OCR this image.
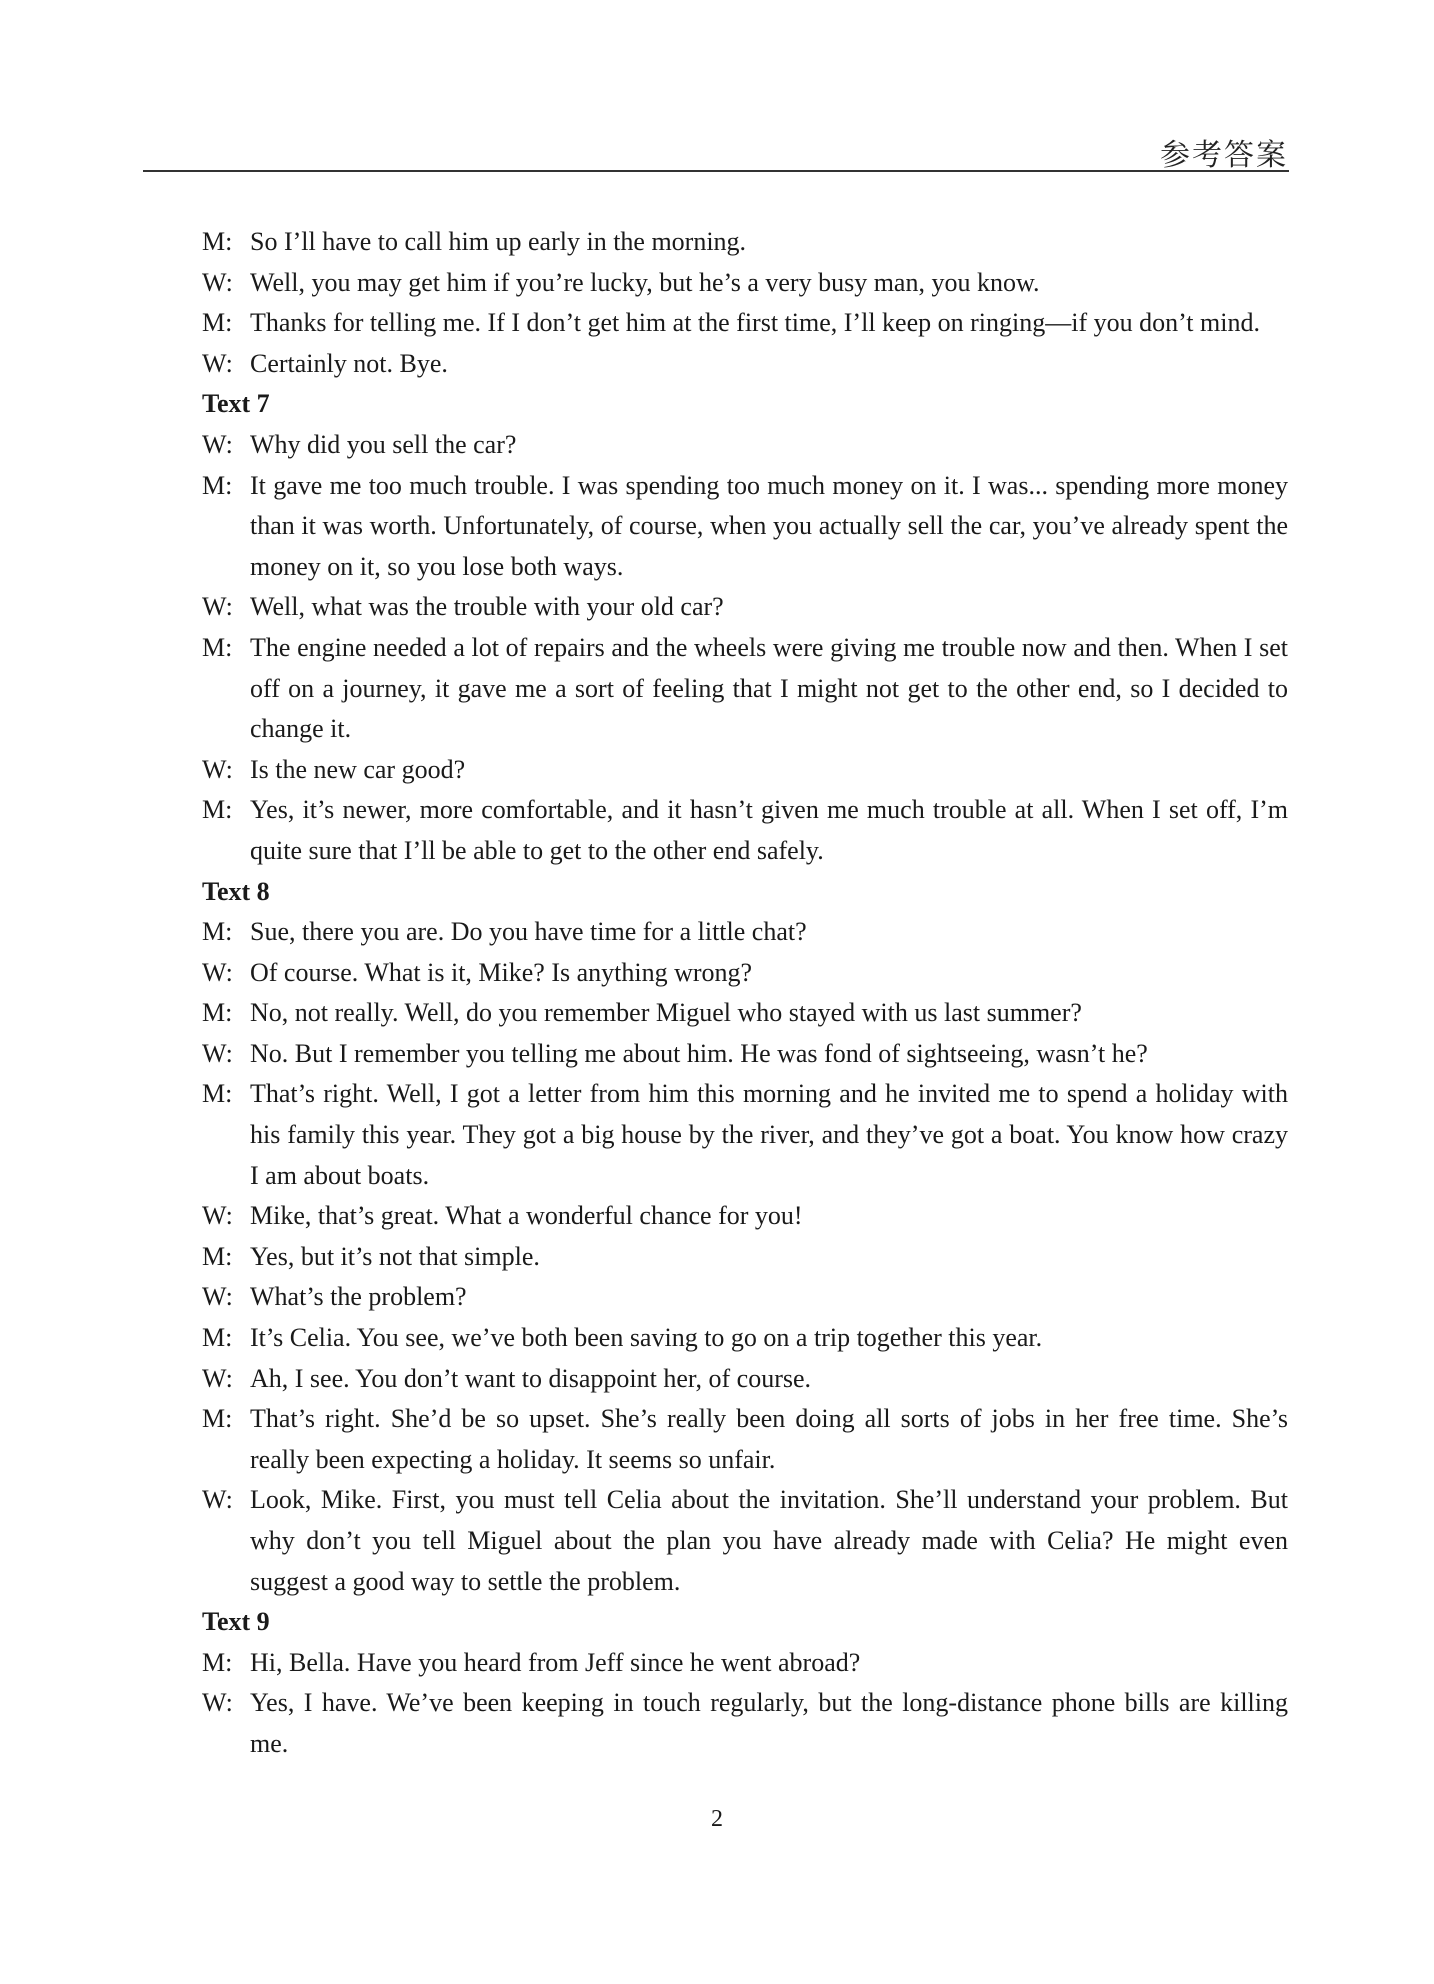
参考答案
M: So I’ll have to call him up early in the morning.
W: Well, you may get him if you’re lucky, but he’s a very busy man, you know.
M: Thanks for telling me. If I don’t get him at the first time, I’ll keep on ringing—if you don’t mind.
W: Certainly not. Bye.
Text 7
W: Why did you sell the car?
M: It gave me too much trouble. I was spending too much money on it. I was... spending more money than it was worth. Unfortunately, of course, when you actually sell the car, you’ve already spent the money on it, so you lose both ways.
W: Well, what was the trouble with your old car?
M: The engine needed a lot of repairs and the wheels were giving me trouble now and then. When I set off on a journey, it gave me a sort of feeling that I might not get to the other end, so I decided to change it.
W: Is the new car good?
M: Yes, it’s newer, more comfortable, and it hasn’t given me much trouble at all. When I set off, I’m quite sure that I’ll be able to get to the other end safely.
Text 8
M: Sue, there you are. Do you have time for a little chat?
W: Of course. What is it, Mike? Is anything wrong?
M: No, not really. Well, do you remember Miguel who stayed with us last summer?
W: No. But I remember you telling me about him. He was fond of sightseeing, wasn’t he?
M: That’s right. Well, I got a letter from him this morning and he invited me to spend a holiday with his family this year. They got a big house by the river, and they’ve got a boat. You know how crazy I am about boats.
W: Mike, that’s great. What a wonderful chance for you!
M: Yes, but it’s not that simple.
W: What’s the problem?
M: It’s Celia. You see, we’ve both been saving to go on a trip together this year.
W: Ah, I see. You don’t want to disappoint her, of course.
M: That’s right. She’d be so upset. She’s really been doing all sorts of jobs in her free time. She’s really been expecting a holiday. It seems so unfair.
W: Look, Mike. First, you must tell Celia about the invitation. She’ll understand your problem. But why don’t you tell Miguel about the plan you have already made with Celia? He might even suggest a good way to settle the problem.
Text 9
M: Hi, Bella. Have you heard from Jeff since he went abroad?
W: Yes, I have. We’ve been keeping in touch regularly, but the long-distance phone bills are killing me.
2
